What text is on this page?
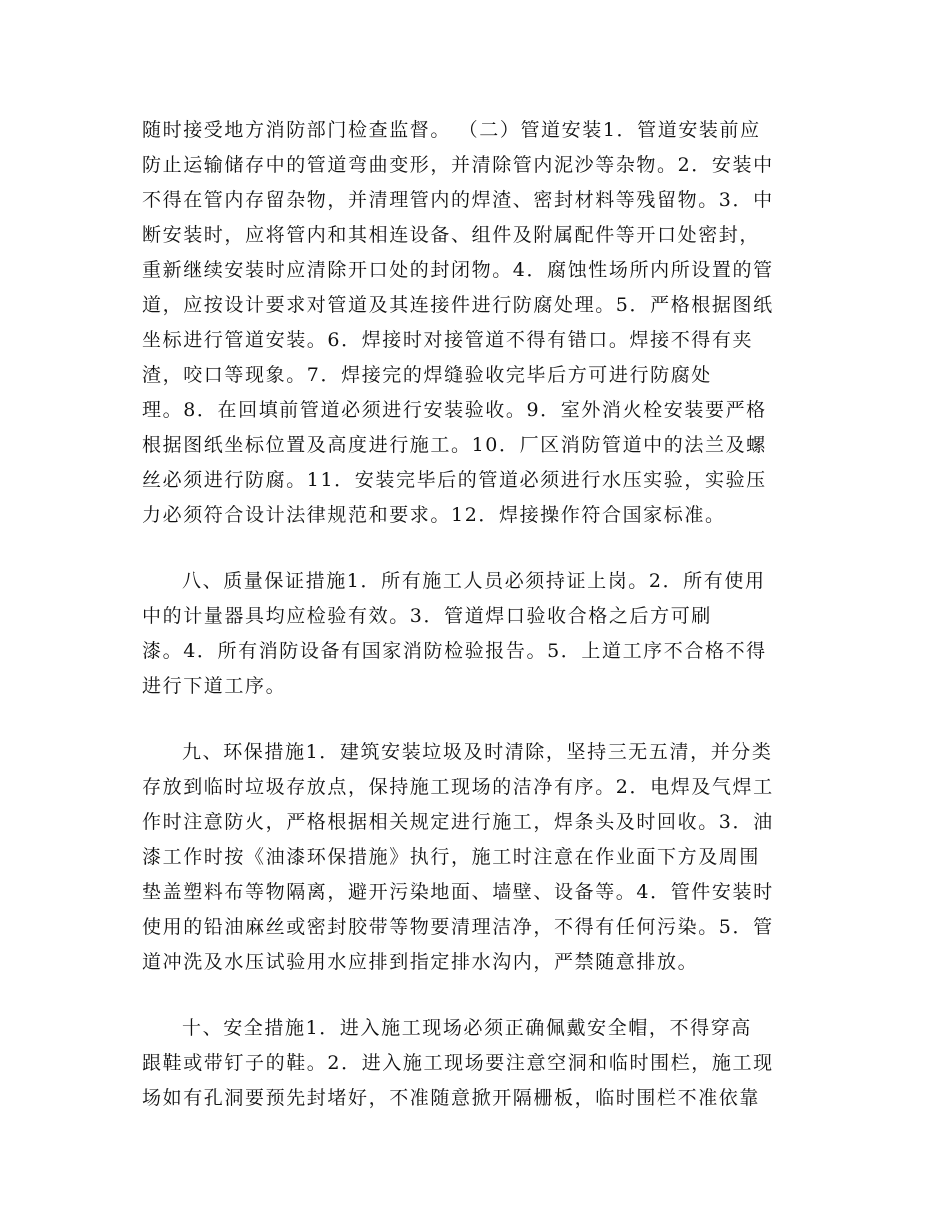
随时接受地方消防部门检查监督。 （二）管道安装1．管道安装前应
防止运输储存中的管道弯曲变形，并清除管内泥沙等杂物。2．安装中
不得在管内存留杂物，并清理管内的焊渣、密封材料等残留物。3．中
断安装时，应将管内和其相连设备、组件及附属配件等开口处密封，
重新继续安装时应清除开口处的封闭物。4．腐蚀性场所内所设置的管
道，应按设计要求对管道及其连接件进行防腐处理。5．严格根据图纸
坐标进行管道安装。6．焊接时对接管道不得有错口。焊接不得有夹
渣，咬口等现象。7．焊接完的焊缝验收完毕后方可进行防腐处
理。8．在回填前管道必须进行安装验收。9．室外消火栓安装要严格
根据图纸坐标位置及高度进行施工。10．厂区消防管道中的法兰及螺
丝必须进行防腐。11．安装完毕后的管道必须进行水压实验，实验压
力必须符合设计法律规范和要求。12．焊接操作符合国家标准。
八、质量保证措施1．所有施工人员必须持证上岗。2．所有使用
中的计量器具均应检验有效。3．管道焊口验收合格之后方可刷
漆。4．所有消防设备有国家消防检验报告。5．上道工序不合格不得
进行下道工序。
九、环保措施1．建筑安装垃圾及时清除，坚持三无五清，并分类
存放到临时垃圾存放点，保持施工现场的洁净有序。2．电焊及气焊工
作时注意防火，严格根据相关规定进行施工，焊条头及时回收。3．油
漆工作时按《油漆环保措施》执行，施工时注意在作业面下方及周围
垫盖塑料布等物隔离，避开污染地面、墙壁、设备等。4．管件安装时
使用的铅油麻丝或密封胶带等物要清理洁净，不得有任何污染。5．管
道冲洗及水压试验用水应排到指定排水沟内，严禁随意排放。
十、安全措施1．进入施工现场必须正确佩戴安全帽，不得穿高
跟鞋或带钉子的鞋。2．进入施工现场要注意空洞和临时围栏，施工现
场如有孔洞要预先封堵好，不准随意掀开隔栅板，临时围栏不准依靠
